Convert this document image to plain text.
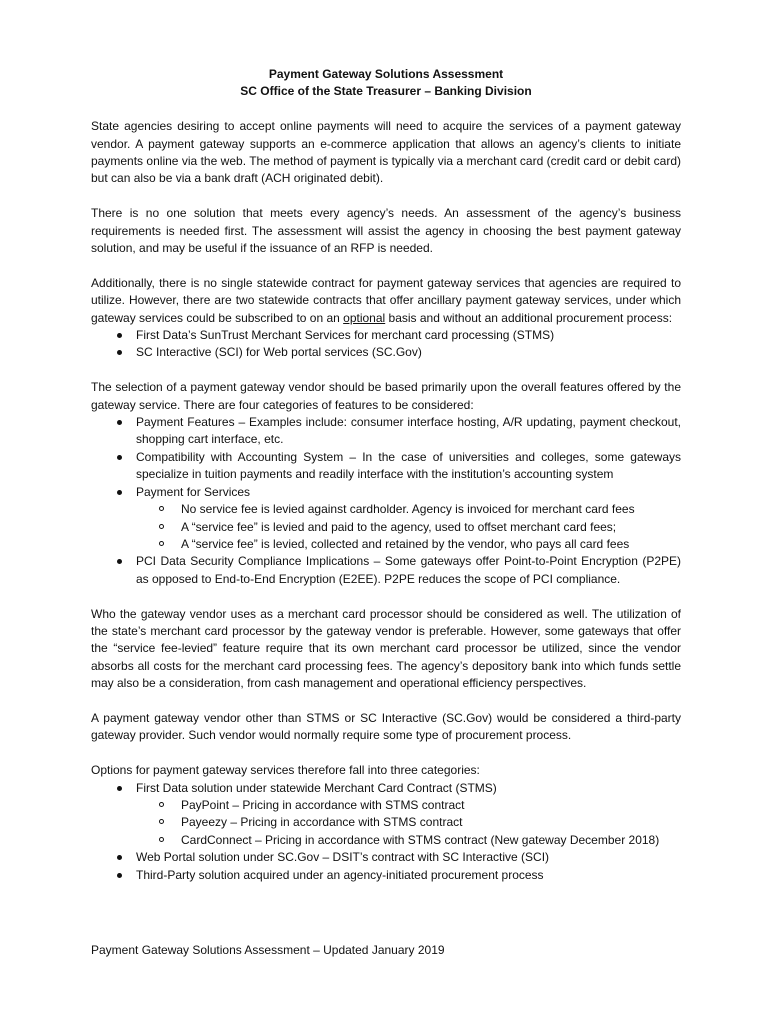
Payment Gateway Solutions Assessment

SC Office of the State Treasurer – Banking Division

State agencies desiring to accept online payments will need to acquire the services of a payment gateway vendor. A payment gateway supports an e-commerce application that allows an agency’s clients to initiate payments online via the web. The method of payment is typically via a merchant card (credit card or debit card) but can also be via a bank draft (ACH originated debit).

There is no one solution that meets every agency’s needs. An assessment of the agency’s business requirements is needed first. The assessment will assist the agency in choosing the best payment gateway solution, and may be useful if the issuance of an RFP is needed.

Additionally, there is no single statewide contract for payment gateway services that agencies are required to utilize. However, there are two statewide contracts that offer ancillary payment gateway services, under which gateway services could be subscribed to on an optional basis and without an additional procurement process:

First Data’s SunTrust Merchant Services for merchant card processing (STMS)
SC Interactive (SCI) for Web portal services (SC.Gov)

The selection of a payment gateway vendor should be based primarily upon the overall features offered by the gateway service. There are four categories of features to be considered:

Payment Features – Examples include: consumer interface hosting, A/R updating, payment checkout, shopping cart interface, etc.
Compatibility with Accounting System – In the case of universities and colleges, some gateways specialize in tuition payments and readily interface with the institution’s accounting system
Payment for Services
No service fee is levied against cardholder. Agency is invoiced for merchant card fees
A “service fee” is levied and paid to the agency, used to offset merchant card fees;
A “service fee” is levied, collected and retained by the vendor, who pays all card fees
PCI Data Security Compliance Implications – Some gateways offer Point-to-Point Encryption (P2PE) as opposed to End-to-End Encryption (E2EE). P2PE reduces the scope of PCI compliance.

Who the gateway vendor uses as a merchant card processor should be considered as well. The utilization of the state’s merchant card processor by the gateway vendor is preferable. However, some gateways that offer the “service fee-levied” feature require that its own merchant card processor be utilized, since the vendor absorbs all costs for the merchant card processing fees. The agency’s depository bank into which funds settle may also be a consideration, from cash management and operational efficiency perspectives.

A payment gateway vendor other than STMS or SC Interactive (SC.Gov) would be considered a third-party gateway provider. Such vendor would normally require some type of procurement process.

Options for payment gateway services therefore fall into three categories:

First Data solution under statewide Merchant Card Contract (STMS)
PayPoint – Pricing in accordance with STMS contract
Payeezy – Pricing in accordance with STMS contract
CardConnect – Pricing in accordance with STMS contract (New gateway December 2018)
Web Portal solution under SC.Gov – DSIT’s contract with SC Interactive (SCI)
Third-Party solution acquired under an agency-initiated procurement process
Payment Gateway Solutions Assessment – Updated January 2019
